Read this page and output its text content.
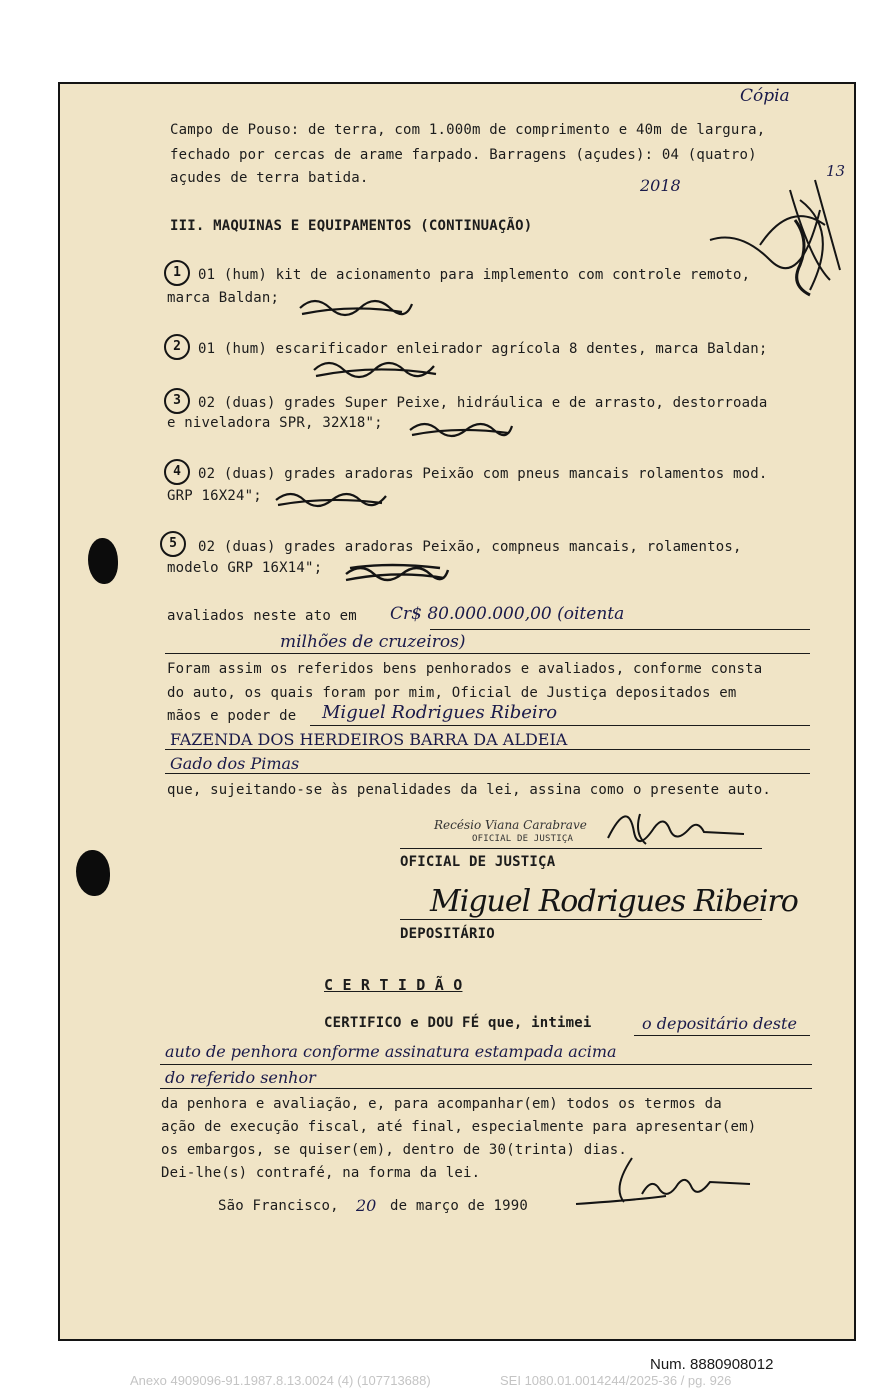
Cópia
13
2018
Campo de Pouso: de terra, com 1.000m de comprimento e 40m de largura,
fechado por cercas de arame farpado. Barragens (açudes): 04 (quatro)
açudes de terra batida.
III. MAQUINAS E EQUIPAMENTOS (CONTINUAÇÃO)
1	01 (hum) kit de acionamento para implemento com controle remoto,
marca Baldan;
2	01 (hum) escarificador enleirador agrícola 8 dentes, marca Baldan;
3	02 (duas) grades Super Peixe, hidráulica e de arrasto, destorroada
e niveladora SPR, 32X18";
4	02 (duas) grades aradoras Peixão com pneus mancais rolamentos mod.
GRP 16X24";
5	02 (duas) grades aradoras Peixão, compneus mancais, rolamentos,
modelo GRP 16X14";
avaliados neste ato em Cr$ 80.000.000,00 (oitenta
milhões de cruzeiros)
Foram assim os referidos bens penhorados e avaliados, conforme consta
do auto, os quais foram por mim, Oficial de Justiça depositados em
mãos e poder de Miguel Rodrigues Ribeiro
FAZENDA DOS HERDEIROS BARRA DA ALDEIA
Gado dos Pimas
que, sujeitando-se às penalidades da lei, assina como o presente auto.
Recésio Viana Carabrave
OFICIAL DE JUSTIÇA
OFICIAL DE JUSTIÇA
Miguel Rodrigues Ribeiro
DEPOSITÁRIO
C E R T I D Ã O
CERTIFICO e DOU FÉ que, intimei	o depositário deste
auto de penhora conforme assinatura estampada acima
do referido senhor
da penhora e avaliação, e, para acompanhar(em) todos os termos da
ação de execução fiscal, até final, especialmente para apresentar(em)
os embargos, se quiser(em), dentro de 30(trinta) dias.
Dei-lhe(s) contrafé, na forma da lei.
São Francisco, 20 de março de 1990
Num. 8880908012
Anexo 4909096-91.1987.8.13.0024 (4) (107713688)	SEI 1080.01.0014244/2025-36 / pg. 926
